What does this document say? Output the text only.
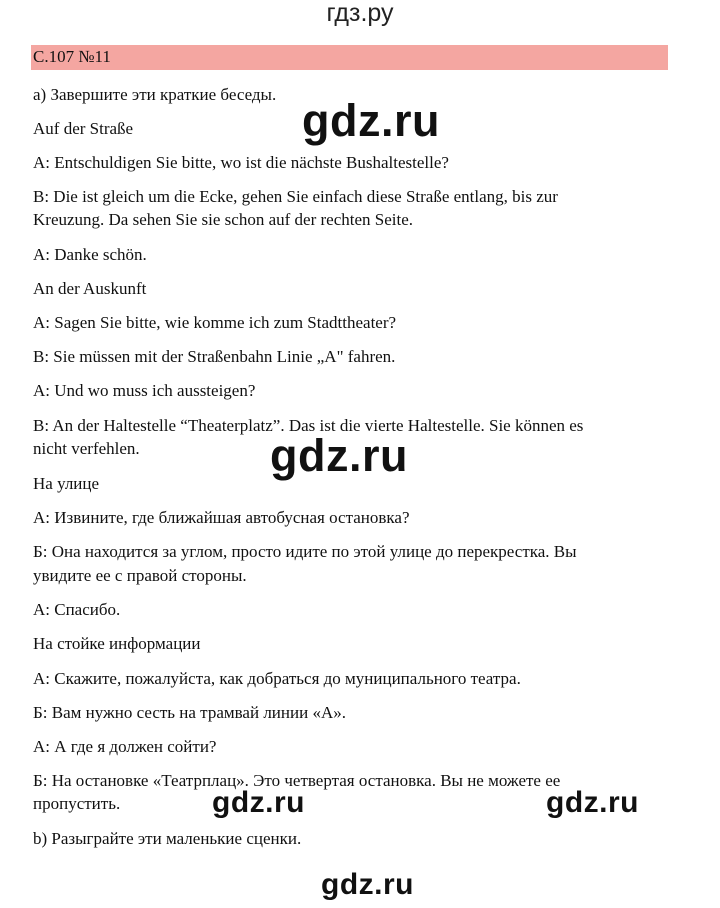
гдз.ру
С.107 №11
а) Завершите эти краткие беседы.
Auf der Straße
A: Entschuldigen Sie bitte, wo ist die nächste Bushaltestelle?
B: Die ist gleich um die Ecke, gehen Sie einfach diese Straße entlang, bis zur
Kreuzung. Da sehen Sie sie schon auf der rechten Seite.
A: Danke schön.
An der Auskunft
A: Sagen Sie bitte, wie komme ich zum Stadttheater?
B: Sie müssen mit der Straßenbahn Linie „A" fahren.
A: Und wo muss ich aussteigen?
B: An der Haltestelle “Theaterplatz”. Das ist die vierte Haltestelle. Sie können es
nicht verfehlen.
На улице
А: Извините, где ближайшая автобусная остановка?
Б: Она находится за углом, просто идите по этой улице до перекрестка. Вы
увидите ее с правой стороны.
А: Спасибо.
На стойке информации
А: Скажите, пожалуйста, как добраться до муниципального театра.
Б: Вам нужно сесть на трамвай линии «А».
А: А где я должен сойти?
Б: На остановке «Театрплац». Это четвертая остановка. Вы не можете ее
пропустить.
b) Разыграйте эти маленькие сценки.
gdz.ru
gdz.ru
gdz.ru	gdz.ru
gdz.ru
